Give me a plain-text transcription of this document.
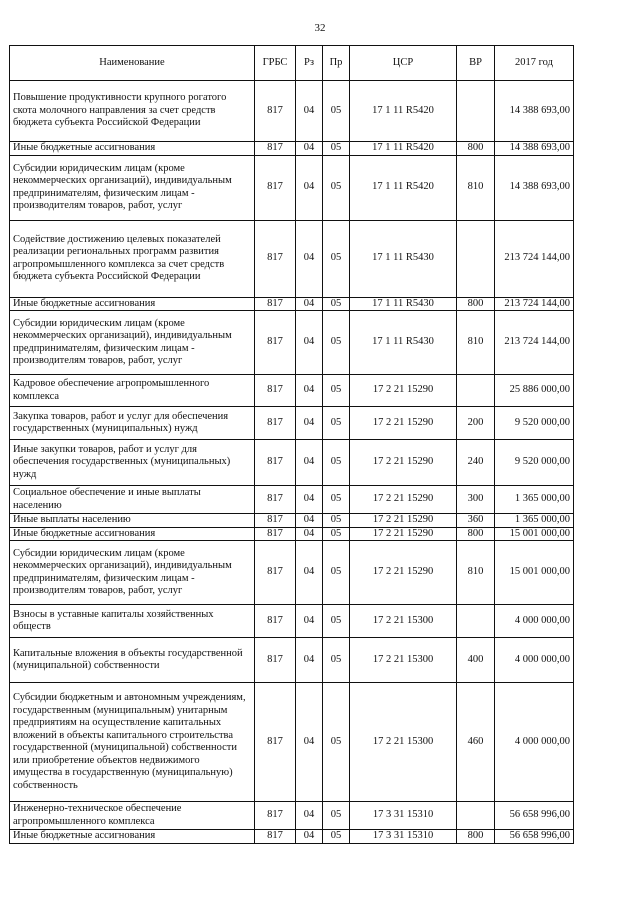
32
Наименование	ГРБС	Рз	Пр	ЦСР	ВР	2017 год
Повышение продуктивности крупного рогатого скота молочного направления за счет средств бюджета субъекта Российской Федерации	817	04	05	17 1 11 R5420		14 388 693,00
Иные бюджетные ассигнования	817	04	05	17 1 11 R5420	800	14 388 693,00
Субсидии юридическим лицам (кроме некоммерческих организаций), индивидуальным предпринимателям, физическим лицам - производителям товаров, работ, услуг	817	04	05	17 1 11 R5420	810	14 388 693,00
Содействие достижению целевых показателей реализации региональных программ развития агропромышленного комплекса за счет средств бюджета субъекта Российской Федерации	817	04	05	17 1 11 R5430		213 724 144,00
Иные бюджетные ассигнования	817	04	05	17 1 11 R5430	800	213 724 144,00
Субсидии юридическим лицам (кроме некоммерческих организаций), индивидуальным предпринимателям, физическим лицам - производителям товаров, работ, услуг	817	04	05	17 1 11 R5430	810	213 724 144,00
Кадровое обеспечение агропромышленного комплекса	817	04	05	17 2 21 15290		25 886 000,00
Закупка товаров, работ и услуг для обеспечения государственных (муниципальных) нужд	817	04	05	17 2 21 15290	200	9 520 000,00
Иные закупки товаров, работ и услуг для обеспечения государственных (муниципальных) нужд	817	04	05	17 2 21 15290	240	9 520 000,00
Социальное обеспечение и иные выплаты населению	817	04	05	17 2 21 15290	300	1 365 000,00
Иные выплаты населению	817	04	05	17 2 21 15290	360	1 365 000,00
Иные бюджетные ассигнования	817	04	05	17 2 21 15290	800	15 001 000,00
Субсидии юридическим лицам (кроме некоммерческих организаций), индивидуальным предпринимателям, физическим лицам - производителям товаров, работ, услуг	817	04	05	17 2 21 15290	810	15 001 000,00
Взносы в уставные капиталы хозяйственных обществ	817	04	05	17 2 21 15300		4 000 000,00
Капитальные вложения в объекты государственной (муниципальной) собственности	817	04	05	17 2 21 15300	400	4 000 000,00
Субсидии бюджетным и автономным учреждениям, государственным (муниципальным) унитарным предприятиям на осуществление капитальных вложений в объекты капитального строительства государственной (муниципальной) собственности или приобретение объектов недвижимого имущества в государственную (муниципальную) собственность	817	04	05	17 2 21 15300	460	4 000 000,00
Инженерно-техническое обеспечение агропромышленного комплекса	817	04	05	17 3 31 15310		56 658 996,00
Иные бюджетные ассигнования	817	04	05	17 3 31 15310	800	56 658 996,00
